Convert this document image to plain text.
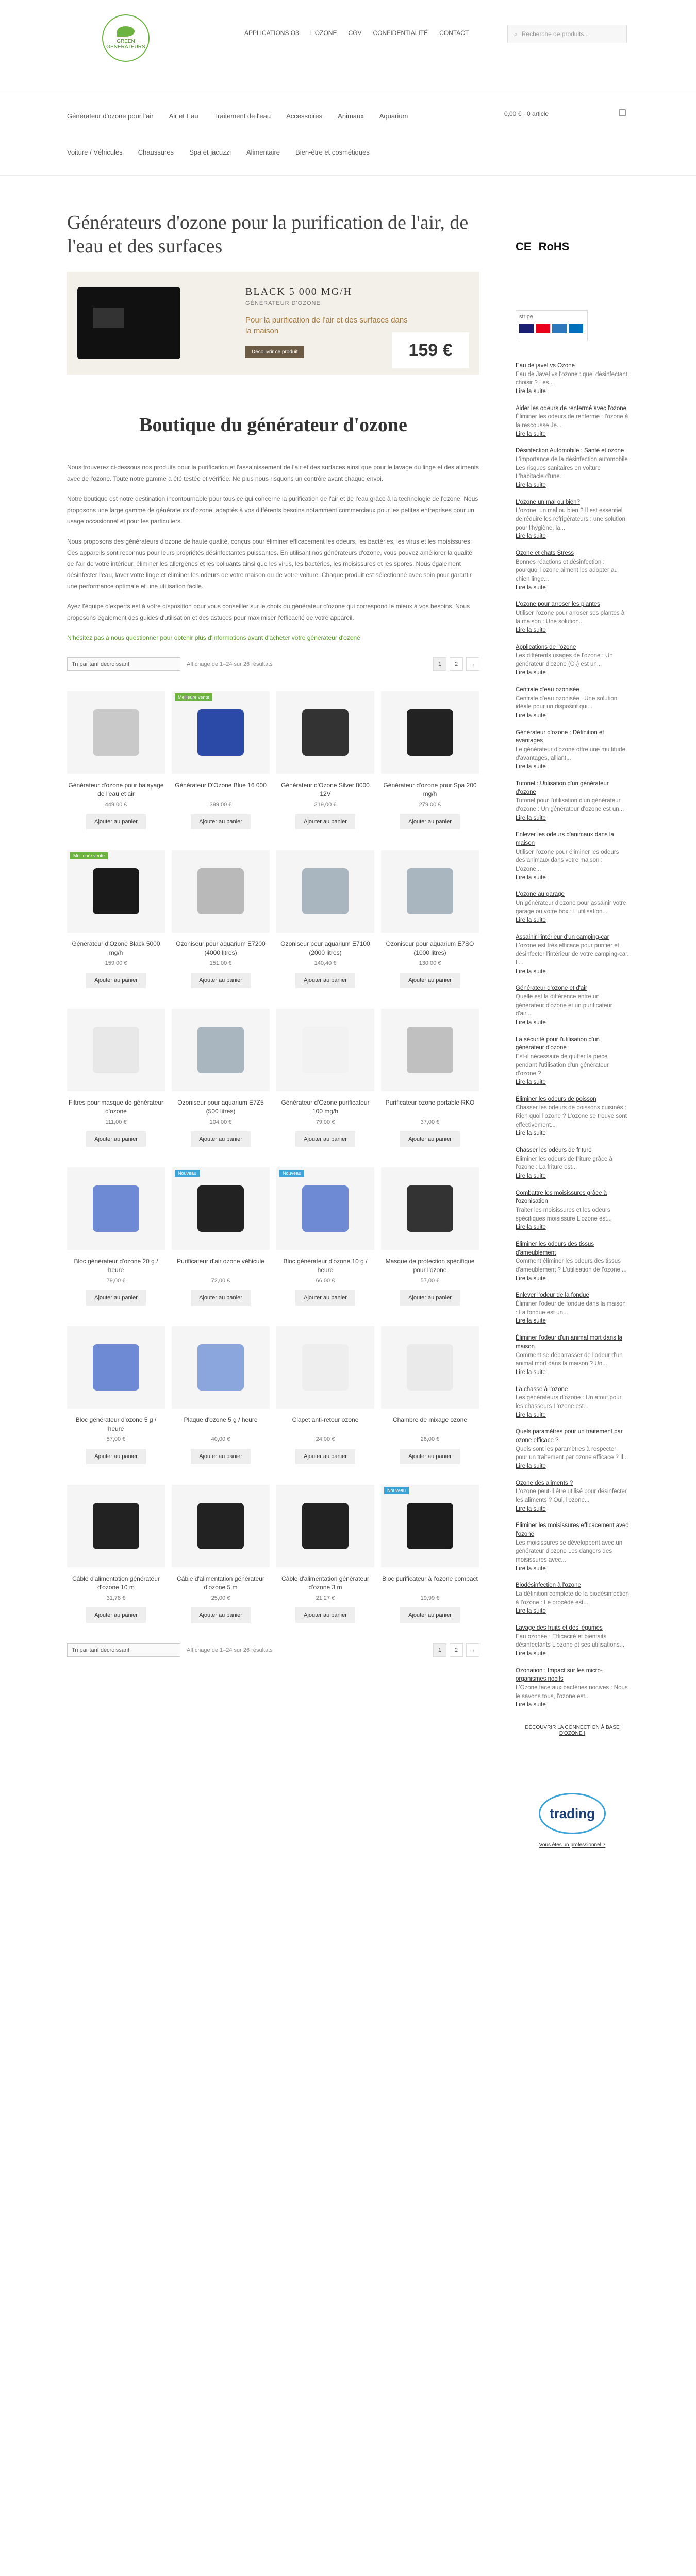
GREEN GENERATEURS
APPLICATIONS O3 L'OZONE CGV CONFIDENTIALITÉ CONTACT	⌕ Recherche de produits...
Générateur d'ozone pour l'air Air et Eau Traitement de l'eau Accessoires Animaux Aquarium
Voiture / Véhicules Chaussures Spa et jacuzzi Alimentaire Bien-être et cosmétiques
0,00 € · 0 article
Générateurs d'ozone pour la purification de l'air, de l'eau et des surfaces
BLACK 5 000 MG/H
GÉNÉRATEUR D'OZONE
Pour la purification de l'air et des surfaces dans la maison
Découvrir ce produit	159 €
Boutique du générateur d'ozone

Nous trouverez ci-dessous nos produits pour la purification et l'assainissement de l'air et des surfaces ainsi que pour le lavage du linge et des aliments avec de l'ozone. Toute notre gamme a été testée et vérifiée. Ne plus nous risquons un contrôle avant chaque envoi.

Notre boutique est notre destination incontournable pour tous ce qui concerne la purification de l'air et de l'eau grâce à la technologie de l'ozone. Nous proposons une large gamme de générateurs d'ozone, adaptés à vos différents besoins notamment commerciaux pour les petites entreprises pour un usage occasionnel et pour les particuliers.

Nous proposons des générateurs d'ozone de haute qualité, conçus pour éliminer efficacement les odeurs, les bactéries, les virus et les moisissures. Ces appareils sont reconnus pour leurs propriétés désinfectantes puissantes. En utilisant nos générateurs d'ozone, vous pouvez améliorer la qualité de l'air de votre intérieur, éliminer les allergènes et les polluants ainsi que les virus, les bactéries, les moisissures et les spores. Nous également désinfecter l'eau, laver votre linge et éliminer les odeurs de votre maison ou de votre voiture. Chaque produit est sélectionné avec soin pour garantir une performance optimale et une utilisation facile.

Ayez l'équipe d'experts est à votre disposition pour vous conseiller sur le choix du générateur d'ozone qui correspond le mieux à vos besoins. Nous proposons également des guides d'utilisation et des astuces pour maximiser l'efficacité de votre appareil.

N'hésitez pas à nous questionner pour obtenir plus d'informations avant d'acheter votre générateur d'ozone

Tri par tarif décroissant	Affichage de 1–24 sur 26 résultats	1	2	→
Générateur d'ozone pour balayage de l'eau et air
449,00 €
Ajouter au panier
Meilleure vente
Générateur D'Ozone Blue 16 000
399,00 €
Ajouter au panier
Générateur d'Ozone Silver 8000 12V
319,00 €
Ajouter au panier
Générateur d'ozone pour Spa 200 mg/h
279,00 €
Ajouter au panier
Meilleure vente
Générateur d'Ozone Black 5000 mg/h
159,00 €
Ajouter au panier
Ozoniseur pour aquarium E7200 (4000 litres)
151,00 €
Ajouter au panier
Ozoniseur pour aquarium E7100 (2000 litres)
140,40 €
Ajouter au panier
Ozoniseur pour aquarium E7SO (1000 litres)
130,00 €
Ajouter au panier
Filtres pour masque de générateur d'ozone
111,00 €
Ajouter au panier
Ozoniseur pour aquarium E7Z5 (500 litres)
104,00 €
Ajouter au panier
Générateur d'Ozone purificateur 100 mg/h
79,00 €
Ajouter au panier
Purificateur ozone portable RKO
37,00 €
Ajouter au panier
Bloc générateur d'ozone 20 g / heure
79,00 €
Ajouter au panier
Nouveau
Purificateur d'air ozone véhicule
72,00 €
Ajouter au panier
Nouveau
Bloc générateur d'ozone 10 g / heure
66,00 €
Ajouter au panier
Masque de protection spécifique pour l'ozone
57,00 €
Ajouter au panier
Bloc générateur d'ozone 5 g / heure
57,00 €
Ajouter au panier
Plaque d'ozone 5 g / heure
40,00 €
Ajouter au panier
Clapet anti-retour ozone
24,00 €
Ajouter au panier
Chambre de mixage ozone
26,00 €
Ajouter au panier
Câble d'alimentation générateur d'ozone 10 m
31,78 €
Ajouter au panier
Câble d'alimentation générateur d'ozone 5 m
25,00 €
Ajouter au panier
Câble d'alimentation générateur d'ozone 3 m
21,27 €
Ajouter au panier
Nouveau
Bloc purificateur à l'ozone compact
19,99 €
Ajouter au panier
Tri par tarif décroissant	Affichage de 1–24 sur 26 résultats	1	2	→
CE RoHS
stripe
Eau de javel vs Ozone
Eau de Javel vs l'ozone : quel désinfectant choisir ? Les...
Lire la suite
Aider les odeurs de renfermé avec l'ozone
Éliminer les odeurs de renfermé : l'ozone à la rescousse Je...
Lire la suite
Désinfection Automobile : Santé et ozone
L'importance de la désinfection automobile Les risques sanitaires en voiture L'habitacle d'une...
Lire la suite
L'ozone un mal ou bien?
L'ozone, un mal ou bien ? Il est essentiel de réduire les réfrigérateurs : une solution pour l'hygiène, la...
Lire la suite
Ozone et chats Stress
Bonnes réactions et désinfection : pourquoi l'ozone aiment les adopter au chien linge...
Lire la suite
L'ozone pour arroser les plantes
Utiliser l'ozone pour arroser ses plantes à la maison : Une solution...
Lire la suite
Applications de l'ozone
Les différents usages de l'ozone : Un générateur d'ozone (O₃) est un...
Lire la suite
Centrale d'eau ozonisée
Centrale d'eau ozonisée : Une solution idéale pour un dispositif qui...
Lire la suite
Générateur d'ozone : Définition et avantages
Le générateur d'ozone offre une multitude d'avantages, alliant...
Lire la suite
Tutoriel : Utilisation d'un générateur d'ozone
Tutoriel pour l'utilisation d'un générateur d'ozone : Un générateur d'ozone est un...
Lire la suite
Enlever les odeurs d'animaux dans la maison
Utiliser l'ozone pour éliminer les odeurs des animaux dans votre maison : L'ozone...
Lire la suite
L'ozone au garage
Un générateur d'ozone pour assainir votre garage ou votre box : L'utilisation...
Lire la suite
Assainir l'intérieur d'un camping-car
L'ozone est très efficace pour purifier et désinfecter l'intérieur de votre camping-car. Il...
Lire la suite
Générateur d'ozone et d'air
Quelle est la différence entre un générateur d'ozone et un purificateur d'air...
Lire la suite
La sécurité pour l'utilisation d'un générateur d'ozone
Est-il nécessaire de quitter la pièce pendant l'utilisation d'un générateur d'ozone ?
Lire la suite
Éliminer les odeurs de poisson
Chasser les odeurs de poissons cuisinés : Rien quoi l'ozone ? L'ozone se trouve sont effectivement...
Lire la suite
Chasser les odeurs de friture
Éliminer les odeurs de friture grâce à l'ozone : La friture est...
Lire la suite
Combattre les moisissures grâce à l'ozonisation
Traiter les moisissures et les odeurs spécifiques moisissure L'ozone est...
Lire la suite
Éliminer les odeurs des tissus d'ameublement
Comment éliminer les odeurs des tissus d'ameublement ? L'utilisation de l'ozone ...
Lire la suite
Enlever l'odeur de la fondue
Éliminer l'odeur de fondue dans la maison : La fondue est un...
Lire la suite
Éliminer l'odeur d'un animal mort dans la maison
Comment se débarrasser de l'odeur d'un animal mort dans la maison ? Un...
Lire la suite
La chasse à l'ozone
Les générateurs d'ozone : Un atout pour les chasseurs L'ozone est...
Lire la suite
Quels paramètres pour un traitement par ozone efficace ?
Quels sont les paramètres à respecter pour un traitement par ozone efficace ? Il...
Lire la suite
Ozone des aliments ?
L'ozone peut-il être utilisé pour désinfecter les aliments ? Oui, l'ozone...
Lire la suite
Éliminer les moisissures efficacement avec l'ozone
Les moisissures se développent avec un générateur d'ozone Les dangers des moisissures avec...
Lire la suite
Biodésinfection à l'ozone
La définition complète de la biodésinfection à l'ozone : Le procédé est...
Lire la suite
Lavage des fruits et des légumes
Eau ozonée : Efficacité et bienfaits désinfectants L'ozone et ses utilisations...
Lire la suite
Ozonation : Impact sur les micro-organismes nocifs
L'Ozone face aux bactéries nocives : Nous le savons tous, l'ozone est...
Lire la suite
DÉCOUVRIR LA CONNECTION À BASE D'OZONE !
trading
Vous êtes un professionnel ?
